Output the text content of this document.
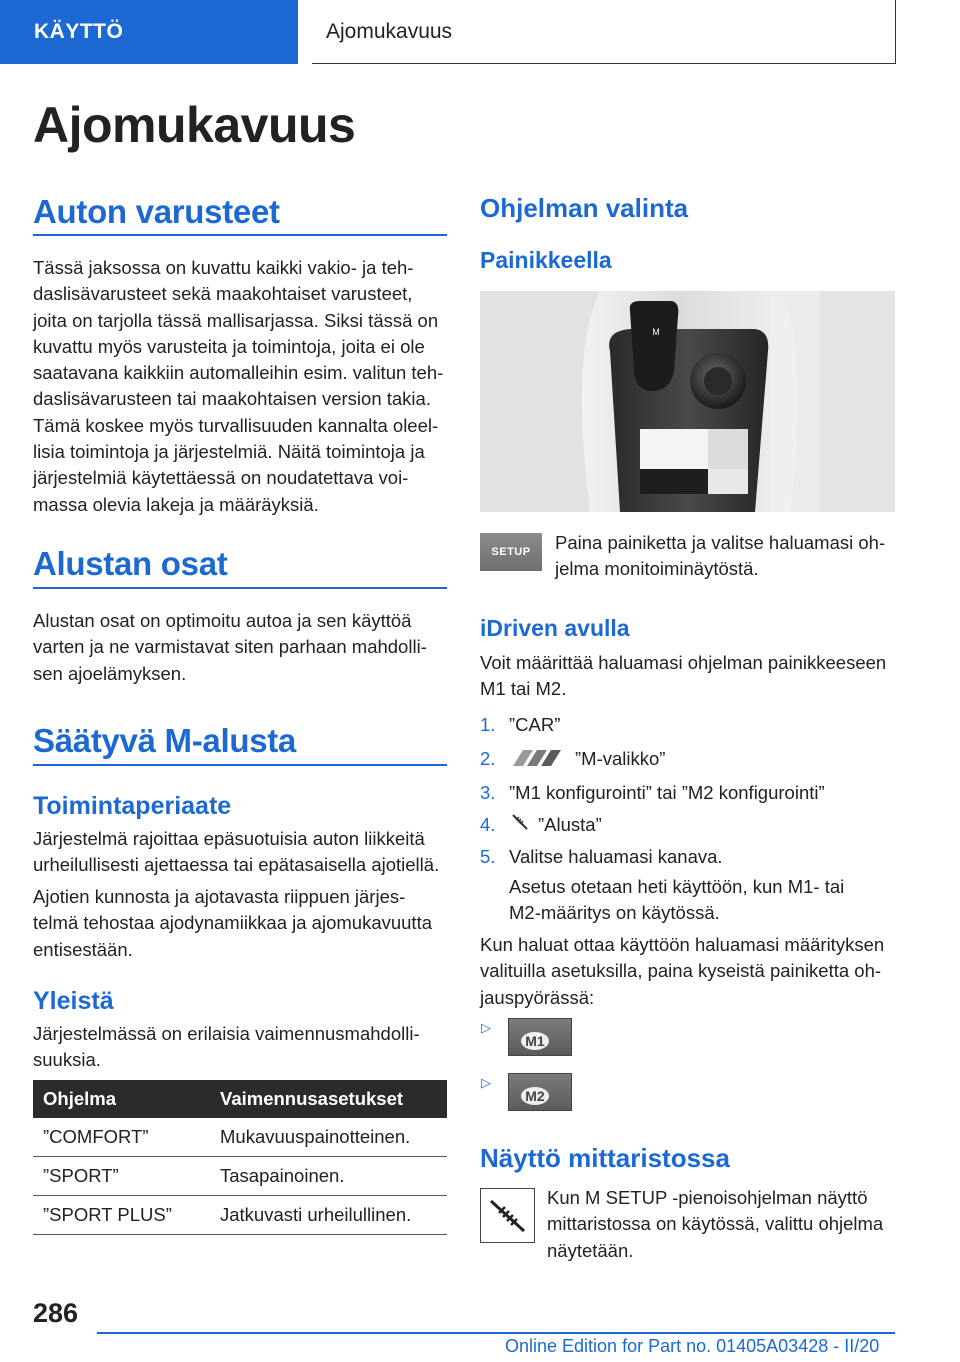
KÄYTTÖ	Ajomukavuus
Ajomukavuus
Auton varusteet
Tässä jaksossa on kuvattu kaikki vakio- ja teh-
daslisävarusteet sekä maakohtaiset varusteet,
joita on tarjolla tässä mallisarjassa. Siksi tässä on
kuvattu myös varusteita ja toimintoja, joita ei ole
saatavana kaikkiin automalleihin esim. valitun teh-
daslisävarusteen tai maakohtaisen version takia.
Tämä koskee myös turvallisuuden kannalta oleel-
lisia toimintoja ja järjestelmiä. Näitä toimintoja ja
järjestelmiä käytettäessä on noudatettava voi-
massa olevia lakeja ja määräyksiä.
Alustan osat
Alustan osat on optimoitu autoa ja sen käyttöä
varten ja ne varmistavat siten parhaan mahdolli-
sen ajoelämyksen.
Säätyvä M-alusta
Toimintaperiaate
Järjestelmä rajoittaa epäsuotuisia auton liikkeitä
urheilullisesti ajettaessa tai epätasaisella ajotiellä.
Ajotien kunnosta ja ajotavasta riippuen järjes-
telmä tehostaa ajodynamiikkaa ja ajomukavuutta
entisestään.
Yleistä
Järjestelmässä on erilaisia vaimennusmahdolli-
suuksia.
Ohjelma	Vaimennusasetukset
”COMFORT”	Mukavuuspainotteinen.
”SPORT”	Tasapainoinen.
”SPORT PLUS”	Jatkuvasti urheilullinen.
Ohjelman valinta
Painikkeella
M
SETUP Paina painiketta ja valitse haluamasi oh-
jelma monitoiminäytöstä.
iDriven avulla
Voit määrittää haluamasi ohjelman painikkeeseen
M1 tai M2.
1. ”CAR”
2.	”M-valikko”
3. ”M1 konfigurointi” tai ”M2 konfigurointi”
4. ”Alusta”
5. Valitse haluamasi kanava.
Asetus otetaan heti käyttöön, kun M1- tai
M2-määritys on käytössä.
Kun haluat ottaa käyttöön haluamasi määrityksen
valituilla asetuksilla, paina kyseistä painiketta oh-
jauspyörässä:
▷
M1
▷
M2
Näyttö mittaristossa
Kun M SETUP -pienoisohjelman näyttö
mittaristossa on käytössä, valittu ohjelma
näytetään.
286
Online Edition for Part no. 01405A03428 - II/20
